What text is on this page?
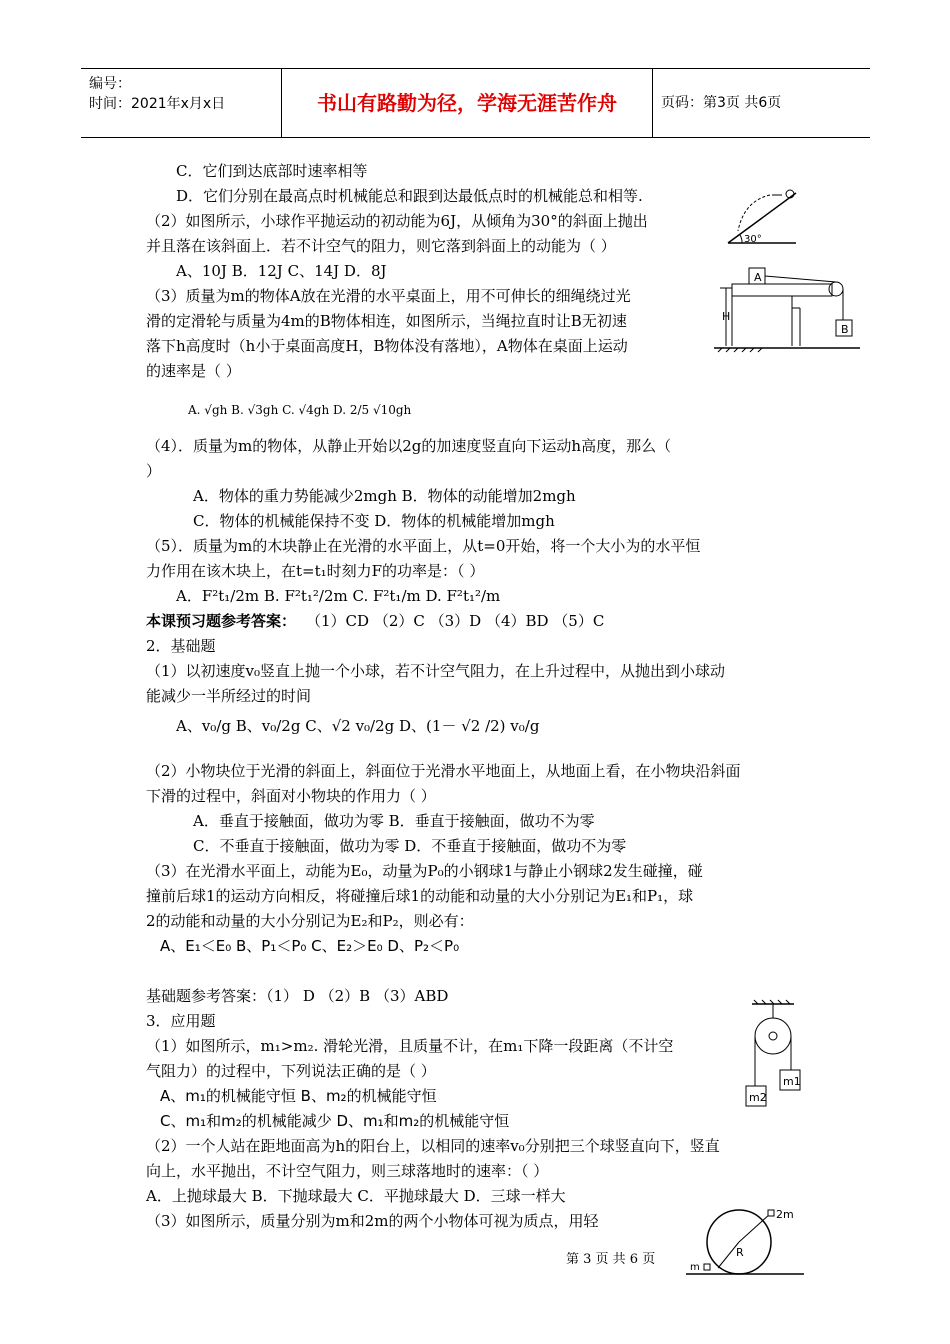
编号：
时间：2021年x月x日	书山有路勤为径，学海无涯苦作舟	页码：第3页 共6页
C．它们到达底部时速率相等
D．它们分别在最高点时机械能总和跟到达最低点时的机械能总和相等.
（2）如图所示，小球作平抛运动的初动能为6J，从倾角为30°的斜面上抛出
并且落在该斜面上．若不计空气的阻力，则它落到斜面上的动能为（ ）
A、10J B．12J C、14J D．8J
（3）质量为m的物体A放在光滑的水平桌面上，用不可伸长的细绳绕过光
滑的定滑轮与质量为4m的B物体相连，如图所示，当绳拉直时让B无初速
落下h高度时（h小于桌面高度H，B物体没有落地），A物体在桌面上运动
的速率是（ ）
A. √gh B. √3gh C. √4gh D. 2/5 √10gh
（4）．质量为m的物体，从静止开始以2g的加速度竖直向下运动h高度，那么（
）
A．物体的重力势能减少2mgh B．物体的动能增加2mgh
C．物体的机械能保持不变 D．物体的机械能增加mgh
（5）．质量为m的木块静止在光滑的水平面上，从t=0开始，将一个大小为的水平恒
力作用在该木块上，在t=t₁时刻力F的功率是：（ ）
A．F²t₁/2m B. F²t₁²/2m C. F²t₁/m D. F²t₁²/m
本课预习题参考答案： （1）CD （2）C （3）D （4）BD （5）C
2．基础题
（1）以初速度v₀竖直上抛一个小球，若不计空气阻力，在上升过程中，从抛出到小球动
能减少一半所经过的时间
A、v₀/g B、v₀/2g C、√2 v₀/2g D、(1－ √2 /2) v₀/g
（2）小物块位于光滑的斜面上，斜面位于光滑水平地面上，从地面上看，在小物块沿斜面
下滑的过程中，斜面对小物块的作用力（ ）
A．垂直于接触面，做功为零 B．垂直于接触面，做功不为零
C．不垂直于接触面，做功为零 D．不垂直于接触面，做功不为零
（3）在光滑水平面上，动能为E₀，动量为P₀的小钢球1与静止小钢球2发生碰撞，碰
撞前后球1的运动方向相反，将碰撞后球1的动能和动量的大小分别记为E₁和P₁，球
2的动能和动量的大小分别记为E₂和P₂，则必有：
A、E₁＜E₀ B、P₁＜P₀ C、E₂＞E₀ D、P₂＜P₀
基础题参考答案：（1） D （2）B （3）ABD
3．应用题
（1）如图所示，m₁>m₂. 滑轮光滑，且质量不计，在m₁下降一段距离（不计空
气阻力）的过程中，下列说法正确的是（ ）
A、m₁的机械能守恒 B、m₂的机械能守恒
C、m₁和m₂的机械能减少 D、m₁和m₂的机械能守恒
（2）一个人站在距地面高为h的阳台上，以相同的速率v₀分别把三个球竖直向下，竖直
向上，水平抛出，不计空气阻力，则三球落地时的速率：（ ）
A．上抛球最大 B．下抛球最大 C．平抛球最大 D．三球一样大
（3）如图所示，质量分别为m和2m的两个小物体可视为质点，用轻
30°
A
B
H
m2
m1
R
2m
m
第 3 页 共 6 页
